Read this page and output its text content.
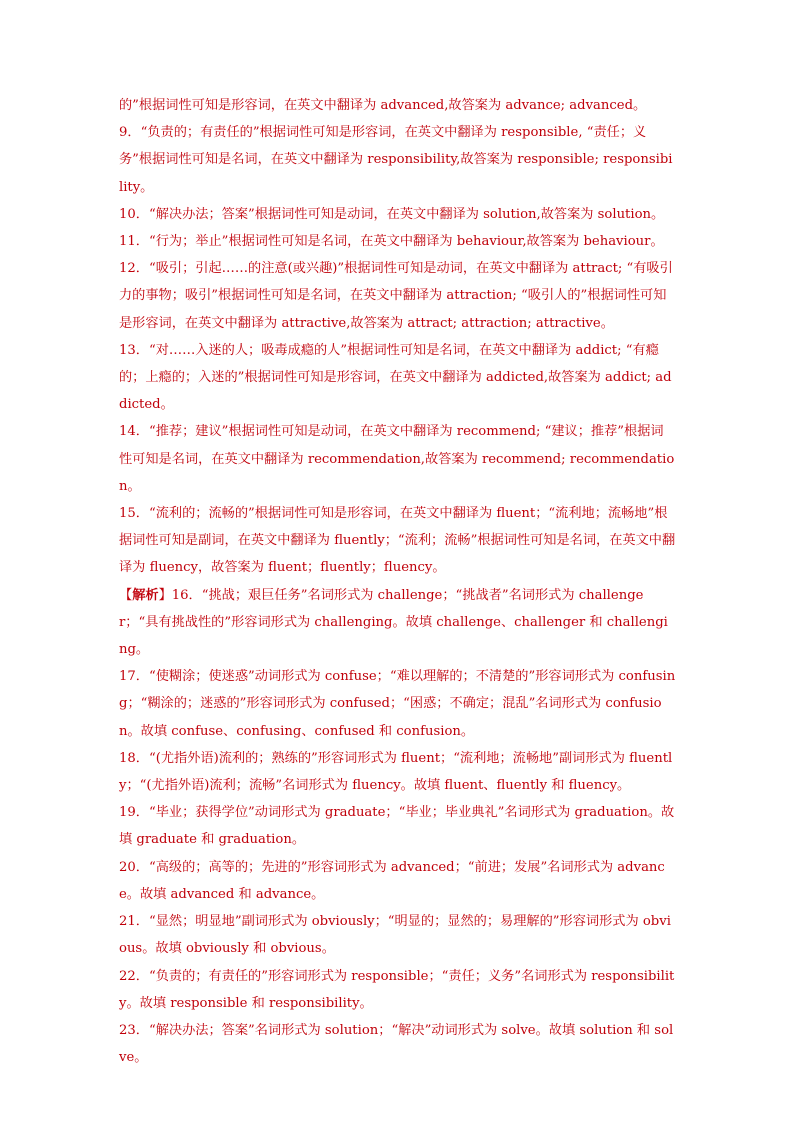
的”根据词性可知是形容词，在英文中翻译为 advanced,故答案为 advance; advanced。

9．“负责的；有责任的”根据词性可知是形容词，在英文中翻译为 responsible, “责任；义务”根据词性可知是名词，在英文中翻译为 responsibility,故答案为 responsible; responsibility。

10．“解决办法；答案”根据词性可知是动词，在英文中翻译为 solution,故答案为 solution。

11．“行为；举止”根据词性可知是名词，在英文中翻译为 behaviour,故答案为 behaviour。

12．“吸引；引起……的注意(或兴趣)”根据词性可知是动词，在英文中翻译为 attract; “有吸引力的事物；吸引”根据词性可知是名词，在英文中翻译为 attraction; “吸引人的”根据词性可知是形容词，在英文中翻译为 attractive,故答案为 attract; attraction; attractive。

13．“对……入迷的人；吸毒成瘾的人”根据词性可知是名词，在英文中翻译为 addict; “有瘾的；上瘾的；入迷的”根据词性可知是形容词，在英文中翻译为 addicted,故答案为 addict; addicted。

14．“推荐；建议”根据词性可知是动词，在英文中翻译为 recommend; “建议；推荐”根据词性可知是名词，在英文中翻译为 recommendation,故答案为 recommend; recommendation。

15．“流利的；流畅的”根据词性可知是形容词，在英文中翻译为 fluent；“流利地；流畅地”根据词性可知是副词，在英文中翻译为 fluently；“流利；流畅”根据词性可知是名词，在英文中翻译为 fluency，故答案为 fluent；fluently；fluency。

【解析】16．“挑战；艰巨任务”名词形式为 challenge；“挑战者”名词形式为 challenger；“具有挑战性的”形容词形式为 challenging。故填 challenge、challenger 和 challenging。

17．“使糊涂；使迷惑”动词形式为 confuse；“难以理解的；不清楚的”形容词形式为 confusing；“糊涂的；迷惑的”形容词形式为 confused；“困惑；不确定；混乱”名词形式为 confusion。故填 confuse、confusing、confused 和 confusion。

18．“(尤指外语)流利的；熟练的”形容词形式为 fluent；“流利地；流畅地”副词形式为 fluently；“(尤指外语)流利；流畅”名词形式为 fluency。故填 fluent、fluently 和 fluency。

19．“毕业；获得学位”动词形式为 graduate；“毕业；毕业典礼”名词形式为 graduation。故填 graduate 和 graduation。

20．“高级的；高等的；先进的”形容词形式为 advanced；“前进；发展”名词形式为 advance。故填 advanced 和 advance。

21．“显然；明显地”副词形式为 obviously；“明显的；显然的；易理解的”形容词形式为 obvious。故填 obviously 和 obvious。

22．“负责的；有责任的”形容词形式为 responsible；“责任；义务”名词形式为 responsibility。故填 responsible 和 responsibility。

23．“解决办法；答案”名词形式为 solution；“解决”动词形式为 solve。故填 solution 和 solve。
